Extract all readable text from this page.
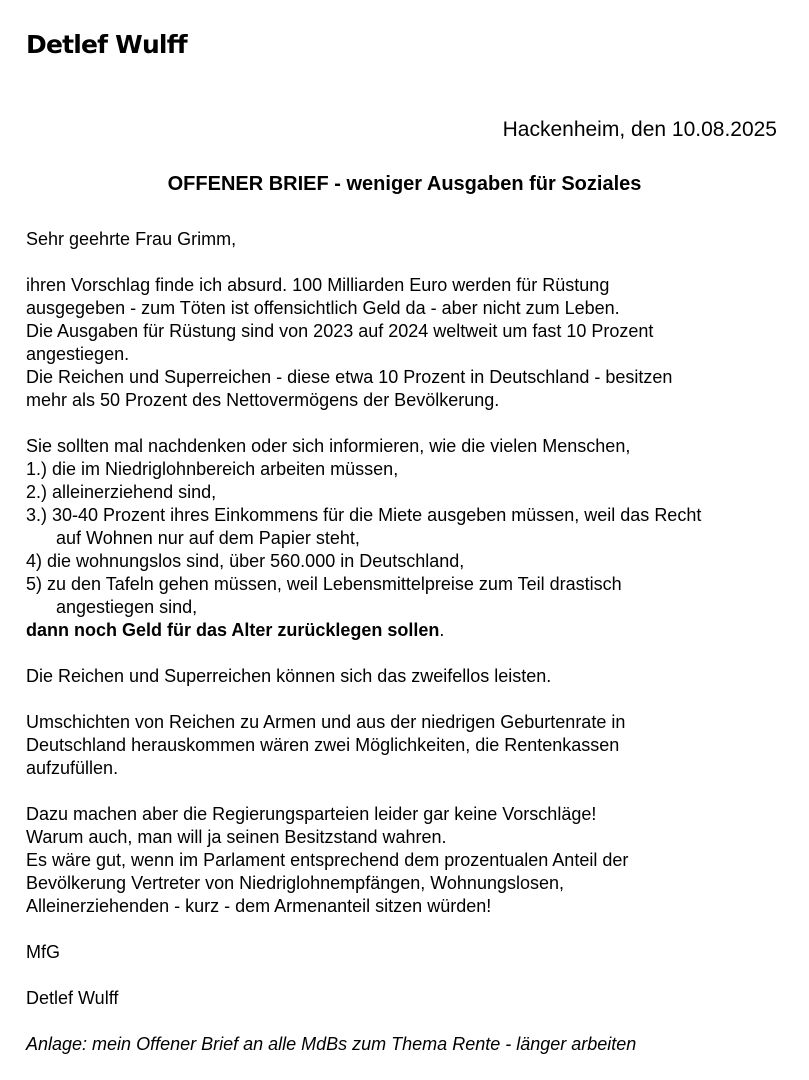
Detlef Wulff
Hackenheim, den 10.08.2025
OFFENER BRIEF - weniger Ausgaben für Soziales

Sehr geehrte Frau Grimm,

ihren Vorschlag finde ich absurd. 100 Milliarden Euro werden für Rüstung
ausgegeben - zum Töten ist offensichtlich Geld da - aber nicht zum Leben.
Die Ausgaben für Rüstung sind von 2023 auf 2024 weltweit um fast 10 Prozent
angestiegen.
Die Reichen und Superreichen - diese etwa 10 Prozent in Deutschland - besitzen
mehr als 50 Prozent des Nettovermögens der Bevölkerung.

Sie sollten mal nachdenken oder sich informieren, wie die vielen Menschen,
1.) die im Niedriglohnbereich arbeiten müssen,
2.) alleinerziehend sind,
3.) 30-40 Prozent ihres Einkommens für die Miete ausgeben müssen, weil das Recht
auf Wohnen nur auf dem Papier steht,
4) die wohnungslos sind, über 560.000 in Deutschland,
5) zu den Tafeln gehen müssen, weil Lebensmittelpreise zum Teil drastisch
angestiegen sind,
dann noch Geld für das Alter zurücklegen sollen.

Die Reichen und Superreichen können sich das zweifellos leisten.

Umschichten von Reichen zu Armen und aus der niedrigen Geburtenrate in
Deutschland herauskommen wären zwei Möglichkeiten, die Rentenkassen
aufzufüllen.

Dazu machen aber die Regierungsparteien leider gar keine Vorschläge!
Warum auch, man will ja seinen Besitzstand wahren.
Es wäre gut, wenn im Parlament entsprechend dem prozentualen Anteil der
Bevölkerung Vertreter von Niedriglohnempfängen, Wohnungslosen,
Alleinerziehenden - kurz - dem Armenanteil sitzen würden!

MfG

Detlef Wulff

Anlage: mein Offener Brief an alle MdBs zum Thema Rente - länger arbeiten
